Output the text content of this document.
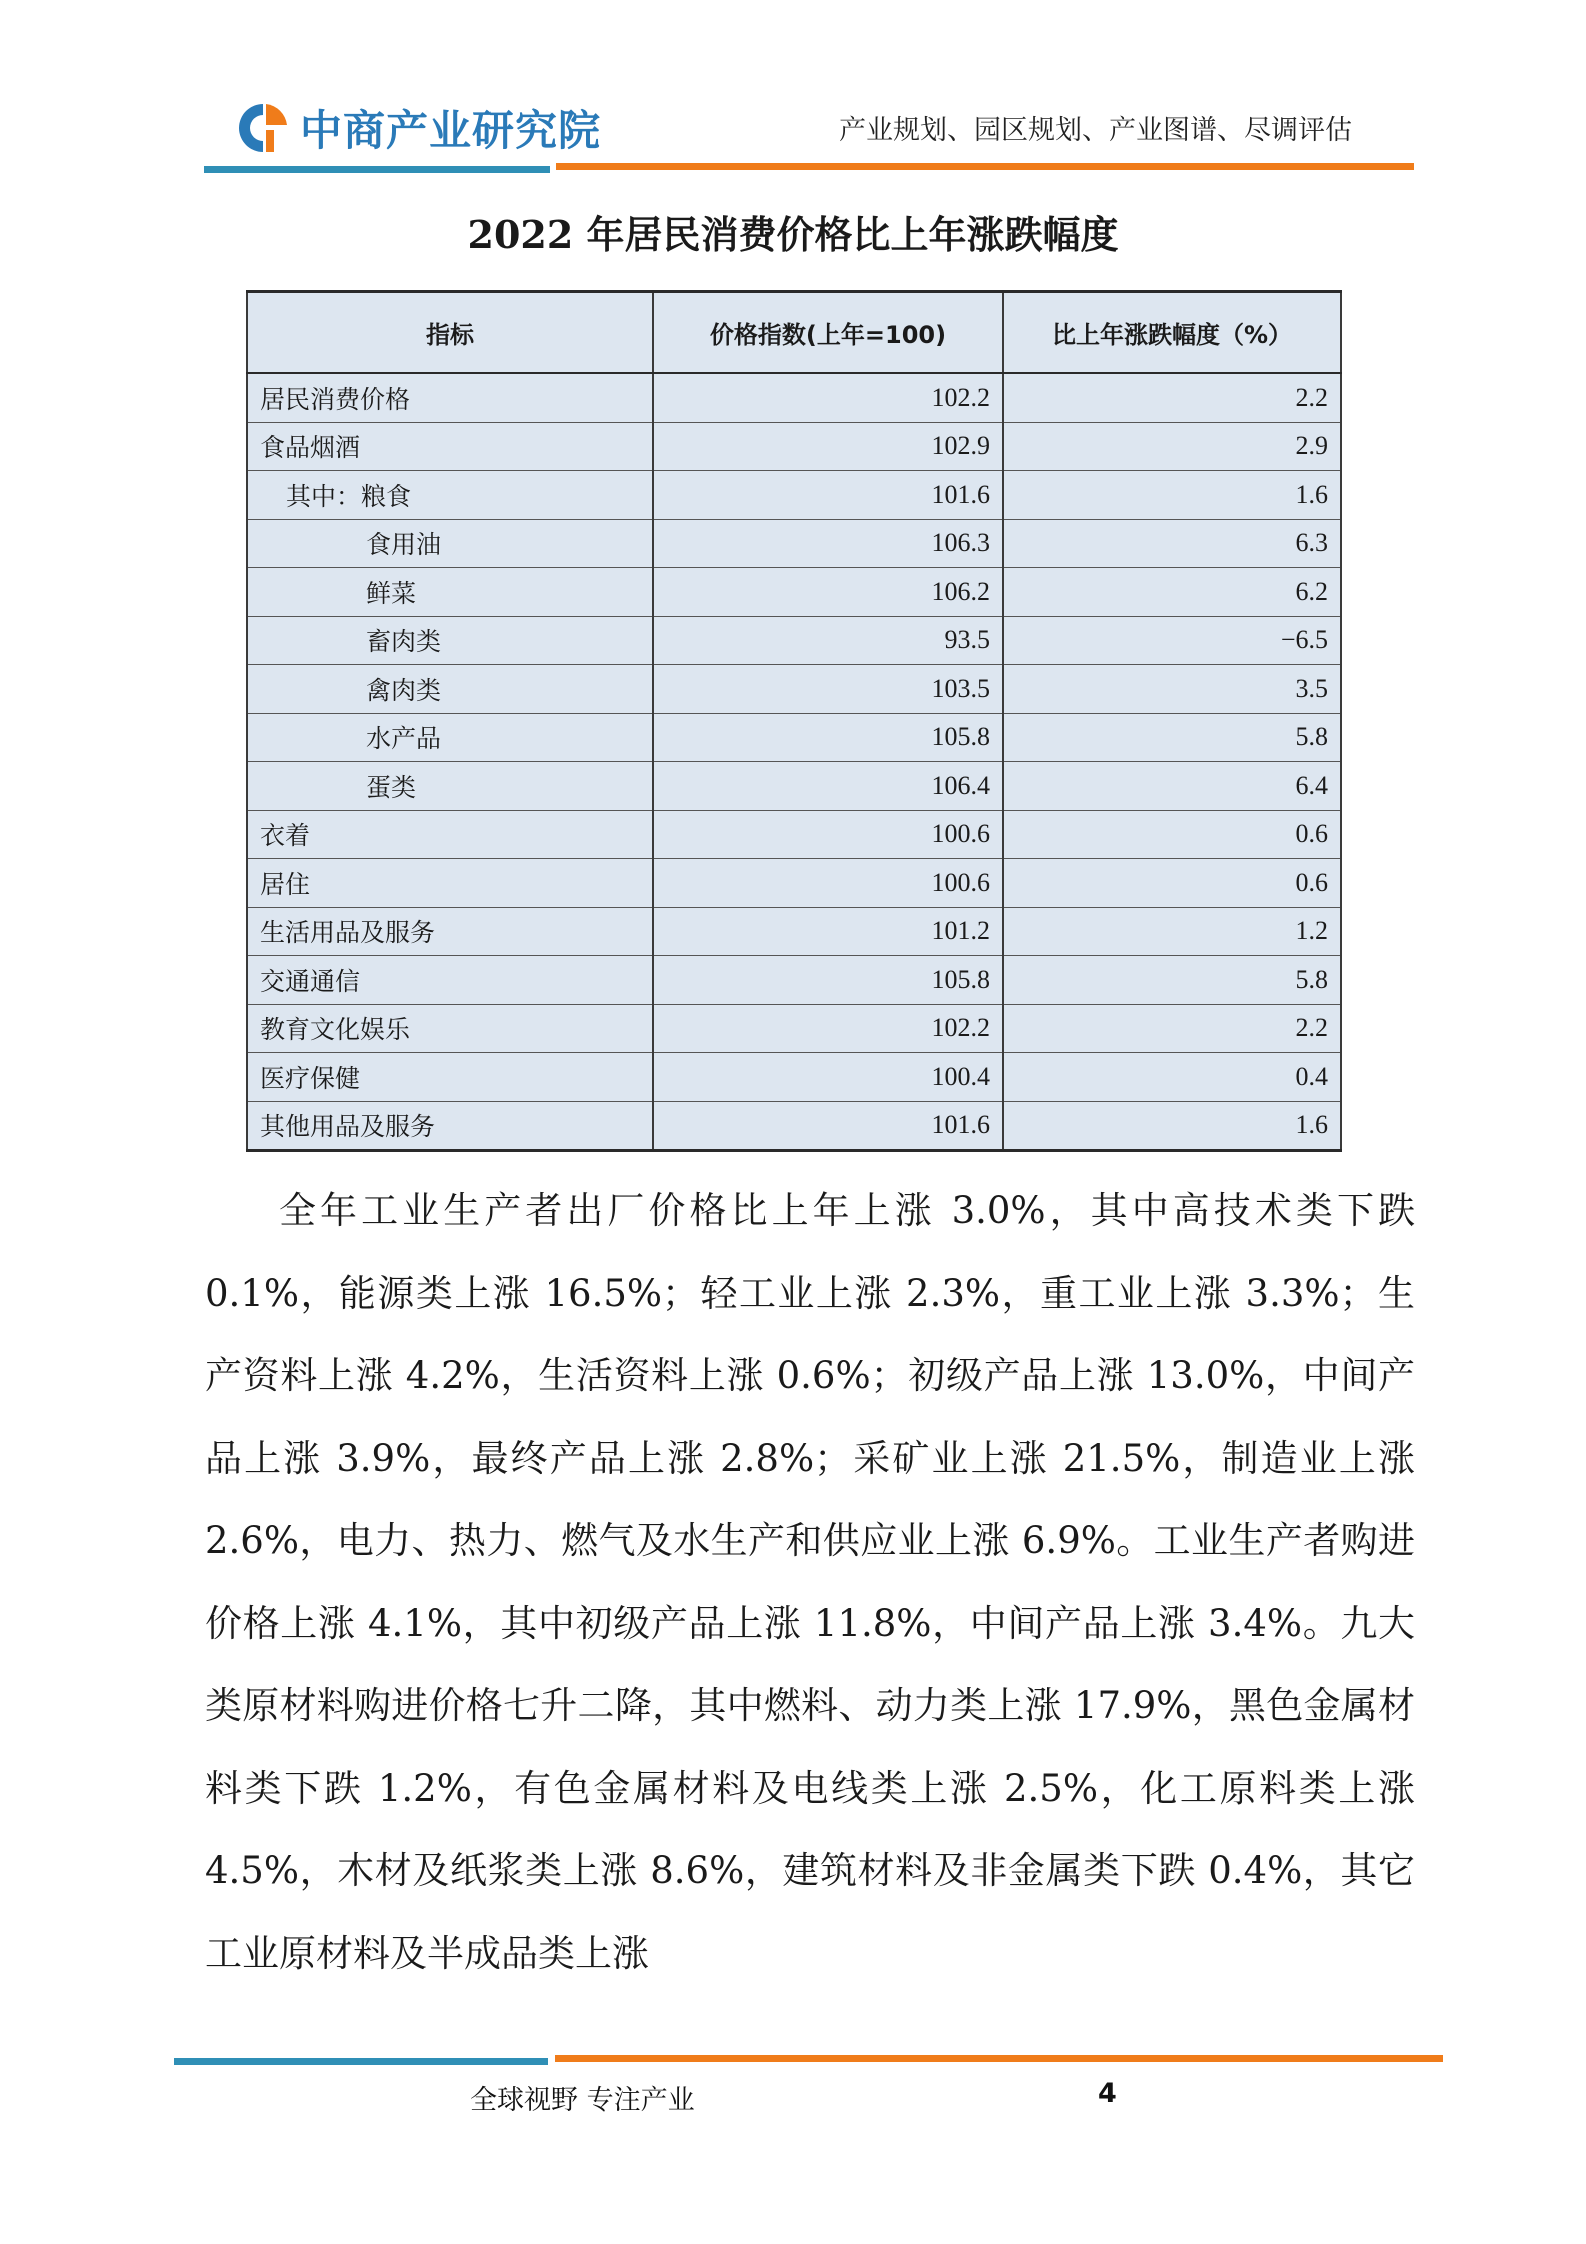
中商产业研究院	产业规划、园区规划、产业图谱、尽调评估
2022 年居民消费价格比上年涨跌幅度
指标	价格指数(上年=100)	比上年涨跌幅度（%）
居民消费价格	102.2	2.2
食品烟酒	102.9	2.9
其中：粮食	101.6	1.6
食用油	106.3	6.3
鲜菜	106.2	6.2
畜肉类	93.5	−6.5
禽肉类	103.5	3.5
水产品	105.8	5.8
蛋类	106.4	6.4
衣着	100.6	0.6
居住	100.6	0.6
生活用品及服务	101.2	1.2
交通通信	105.8	5.8
教育文化娱乐	102.2	2.2
医疗保健	100.4	0.4
其他用品及服务	101.6	1.6

全年工业生产者出厂价格比上年上涨 3.0%，其中高技术类下跌 0.1%，能源类上涨 16.5%；轻工业上涨 2.3%，重工业上涨 3.3%；生产资料上涨 4.2%，生活资料上涨 0.6%；初级产品上涨 13.0%，中间产品上涨 3.9%，最终产品上涨 2.8%；采矿业上涨 21.5%，制造业上涨 2.6%，电力、热力、燃气及水生产和供应业上涨 6.9%。工业生产者购进价格上涨 4.1%，其中初级产品上涨 11.8%，中间产品上涨 3.4%。九大类原材料购进价格七升二降，其中燃料、动力类上涨 17.9%，黑色金属材料类下跌 1.2%，有色金属材料及电线类上涨 2.5%，化工原料类上涨 4.5%，木材及纸浆类上涨 8.6%，建筑材料及非金属类下跌 0.4%，其它工业原材料及半成品类上涨

全球视野 专注产业	4
